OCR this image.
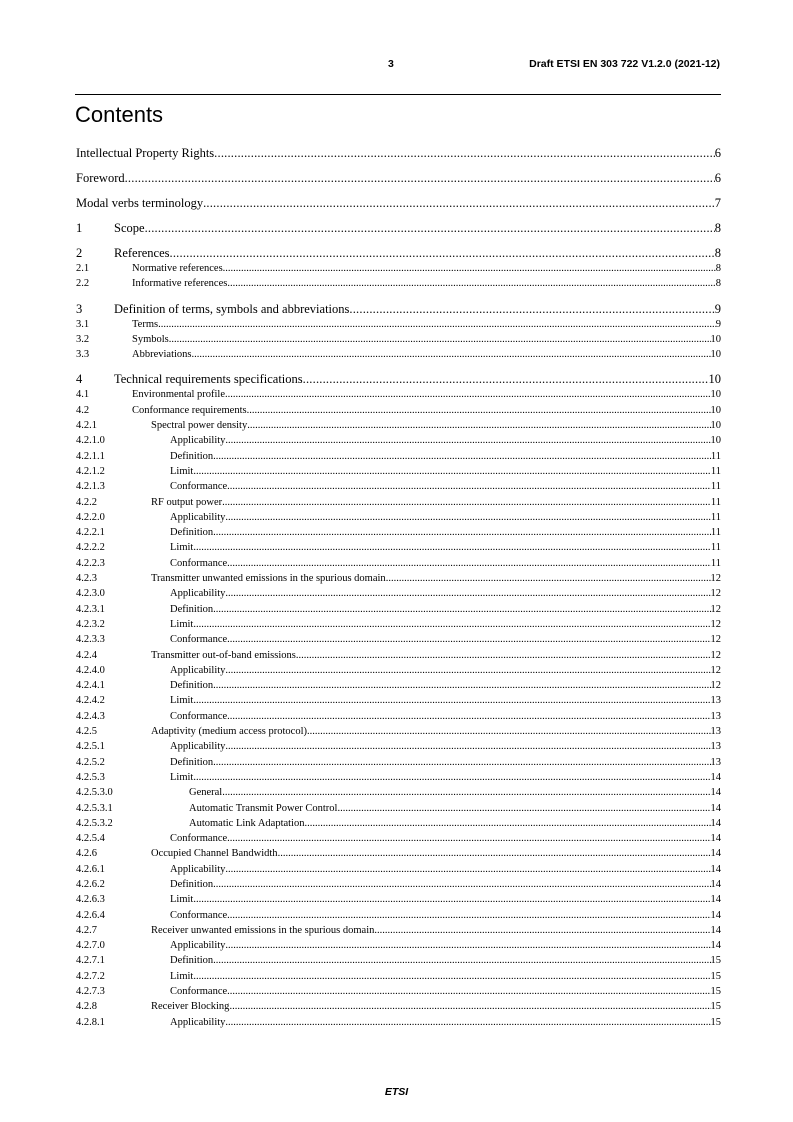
3	Draft ETSI EN 303 722 V1.2.0 (2021-12)
Contents
Intellectual Property Rights .....	6
Foreword .....	6
Modal verbs terminology .....	7
1	Scope .....	8
2	References .....	8
2.1	Normative references .....	8
2.2	Informative references .....	8
3	Definition of terms, symbols and abbreviations .....	9
3.1	Terms .....	9
3.2	Symbols .....	10
3.3	Abbreviations .....	10
4	Technical requirements specifications .....	10
4.1	Environmental profile .....	10
4.2	Conformance requirements .....	10
4.2.1	Spectral power density .....	10
4.2.1.0	Applicability .....	10
4.2.1.1	Definition .....	11
4.2.1.2	Limit .....	11
4.2.1.3	Conformance .....	11
4.2.2	RF output power .....	11
4.2.2.0	Applicability .....	11
4.2.2.1	Definition .....	11
4.2.2.2	Limit .....	11
4.2.2.3	Conformance .....	11
4.2.3	Transmitter unwanted emissions in the spurious domain .....	12
4.2.3.0	Applicability .....	12
4.2.3.1	Definition .....	12
4.2.3.2	Limit .....	12
4.2.3.3	Conformance .....	12
4.2.4	Transmitter out-of-band emissions .....	12
4.2.4.0	Applicability .....	12
4.2.4.1	Definition .....	12
4.2.4.2	Limit .....	13
4.2.4.3	Conformance .....	13
4.2.5	Adaptivity (medium access protocol) .....	13
4.2.5.1	Applicability .....	13
4.2.5.2	Definition .....	13
4.2.5.3	Limit .....	14
4.2.5.3.0	General .....	14
4.2.5.3.1	Automatic Transmit Power Control .....	14
4.2.5.3.2	Automatic Link Adaptation .....	14
4.2.5.4	Conformance .....	14
4.2.6	Occupied Channel Bandwidth .....	14
4.2.6.1	Applicability .....	14
4.2.6.2	Definition .....	14
4.2.6.3	Limit .....	14
4.2.6.4	Conformance .....	14
4.2.7	Receiver unwanted emissions in the spurious domain .....	14
4.2.7.0	Applicability .....	14
4.2.7.1	Definition .....	15
4.2.7.2	Limit .....	15
4.2.7.3	Conformance .....	15
4.2.8	Receiver Blocking .....	15
4.2.8.1	Applicability .....	15
ETSI
